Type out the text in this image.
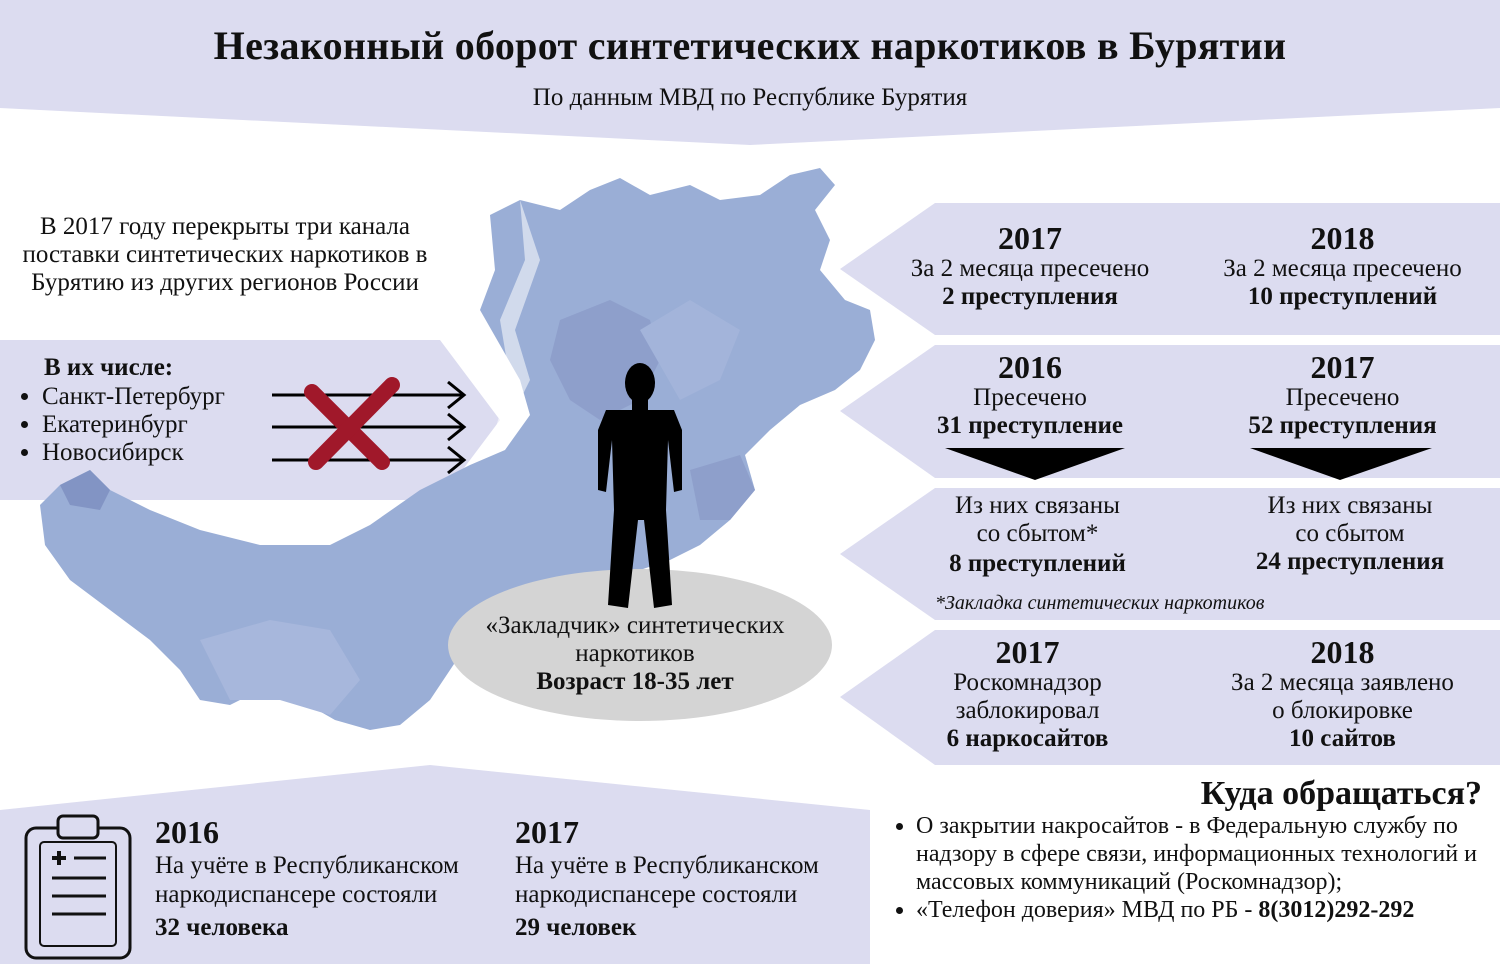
Незаконный оборот синтетических наркотиков в Бурятии
По данным МВД по Республике Бурятия
В 2017 году перекрыты три канала поставки синтетических наркотиков в Бурятию из других регионов России
В их числе:
• Санкт-Петербург
• Екатеринбург
• Новосибирск
2017
За 2 месяца пресечено
2 преступления
2018
За 2 месяца пресечено
10 преступлений
2016
Пресечено
31 преступление
2017
Пресечено
52 преступления
Из них связаны
со сбытом*
8 преступлений
Из них связаны
со сбытом
24 преступления
*Закладка синтетических наркотиков
2017
Роскомнадзор
заблокировал
6 наркосайтов
2018
За 2 месяца заявлено
о блокировке
10 сайтов
«Закладчик» синтетических
наркотиков
Возраст 18-35 лет
2016
На учёте в Республиканском
наркодиспансере состояли
32 человека
2017
На учёте в Республиканском
наркодиспансере состояли
29 человек
Куда обращаться?
• О закрытии накросайтов - в Федеральную службу по надзору в сфере связи, информационных технологий и массовых коммуникаций (Роскомнадзор);
• «Телефон доверия» МВД по РБ - 8(3012)292-292
